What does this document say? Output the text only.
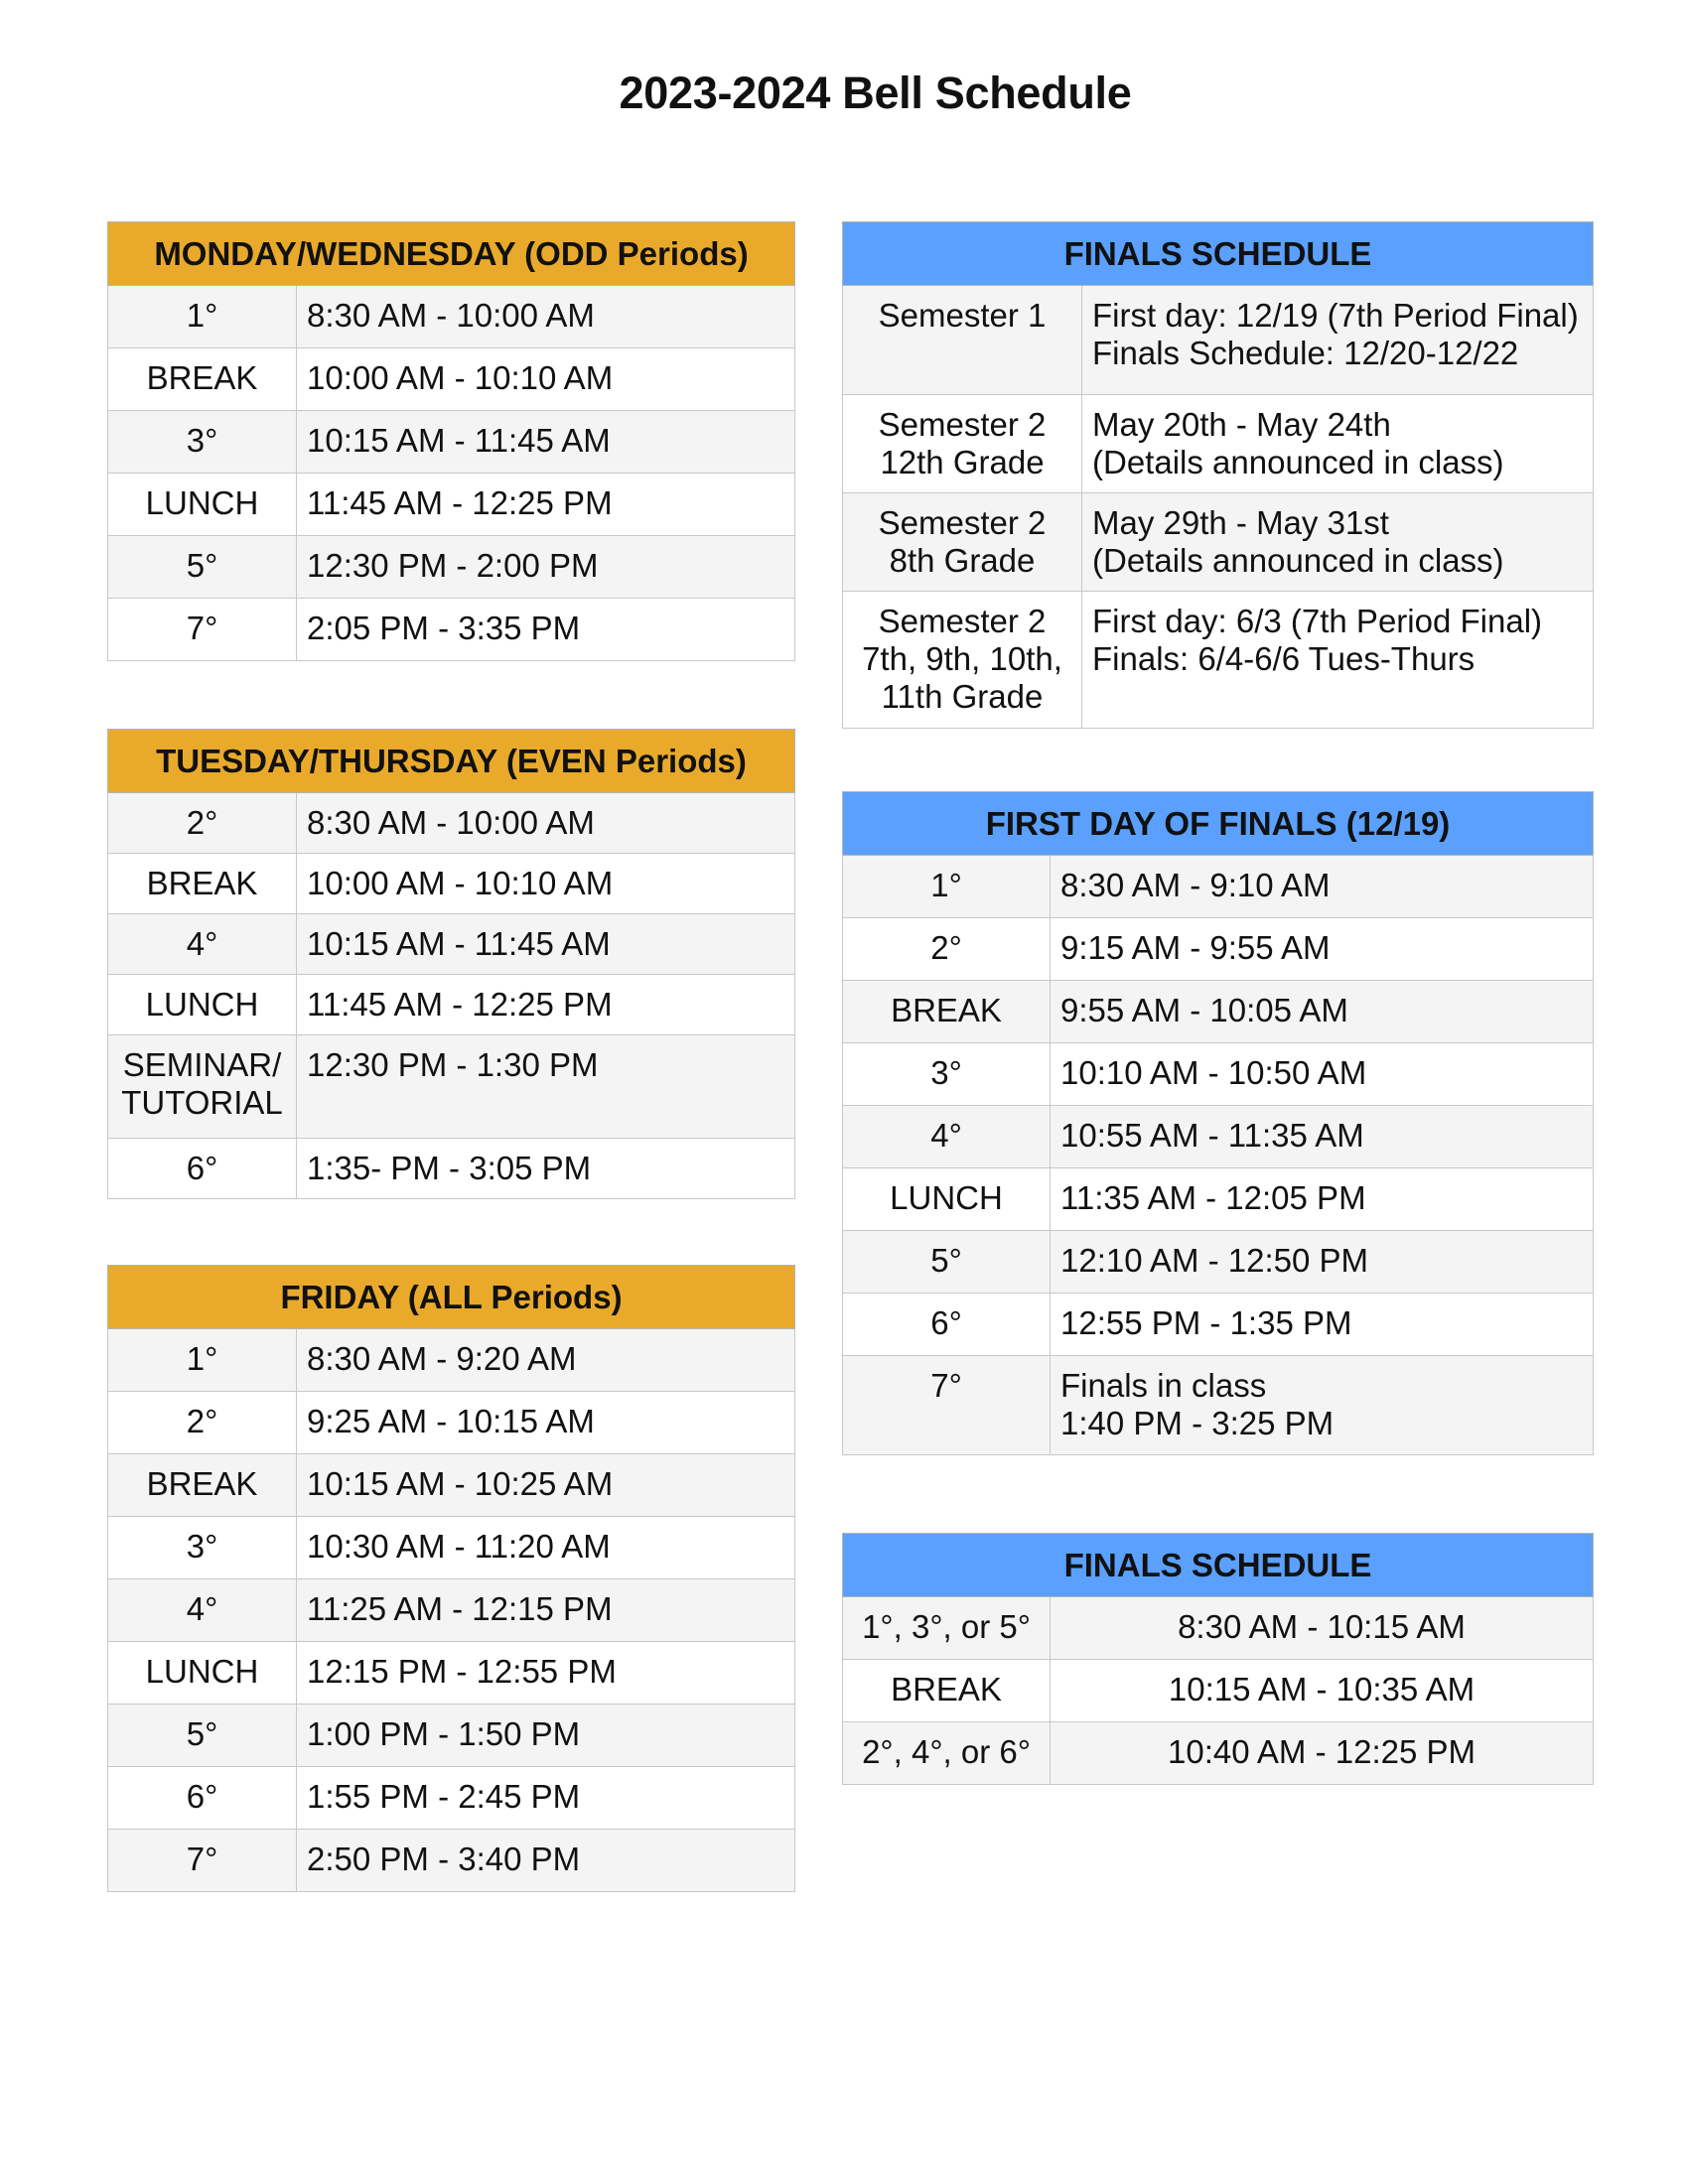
2023-2024 Bell Schedule
MONDAY/WEDNESDAY (ODD Periods)	

1°	8:30 AM - 10:00 AM

BREAK	10:00 AM - 10:10 AM

3°	10:15 AM - 11:45 AM

LUNCH	11:45 AM - 12:25 PM

5°	12:30 PM - 2:00 PM

7°	2:05 PM - 3:35 PM
TUESDAY/THURSDAY (EVEN Periods)	

2°	8:30 AM - 10:00 AM

BREAK	10:00 AM - 10:10 AM

4°	10:15 AM - 11:45 AM

LUNCH	11:45 AM - 12:25 PM

SEMINAR/
TUTORIAL	12:30 PM - 1:30 PM

6°	1:35- PM - 3:05 PM
FRIDAY (ALL Periods)	

1°	8:30 AM - 9:20 AM

2°	9:25 AM - 10:15 AM

BREAK	10:15 AM - 10:25 AM

3°	10:30 AM - 11:20 AM

4°	11:25 AM - 12:15 PM

LUNCH	12:15 PM - 12:55 PM

5°	1:00 PM - 1:50 PM

6°	1:55 PM - 2:45 PM

7°	2:50 PM - 3:40 PM
FINALS SCHEDULE	

Semester 1	First day: 12/19 (7th Period Final)
Finals Schedule: 12/20-12/22

Semester 2
12th Grade	May 20th - May 24th
(Details announced in class)

Semester 2
8th Grade	May 29th - May 31st
(Details announced in class)

Semester 2
7th, 9th, 10th,
11th Grade	First day: 6/3 (7th Period Final)
Finals: 6/4-6/6 Tues-Thurs
FIRST DAY OF FINALS (12/19)	

1°	8:30 AM - 9:10 AM

2°	9:15 AM - 9:55 AM

BREAK	9:55 AM - 10:05 AM

3°	10:10 AM - 10:50 AM

4°	10:55 AM - 11:35 AM

LUNCH	11:35 AM - 12:05 PM

5°	12:10 AM - 12:50 PM

6°	12:55 PM - 1:35 PM

7°	Finals in class
1:40 PM - 3:25 PM
FINALS SCHEDULE	

1°, 3°, or 5°	8:30 AM - 10:15 AM

BREAK	10:15 AM - 10:35 AM

2°, 4°, or 6°	10:40 AM - 12:25 PM
